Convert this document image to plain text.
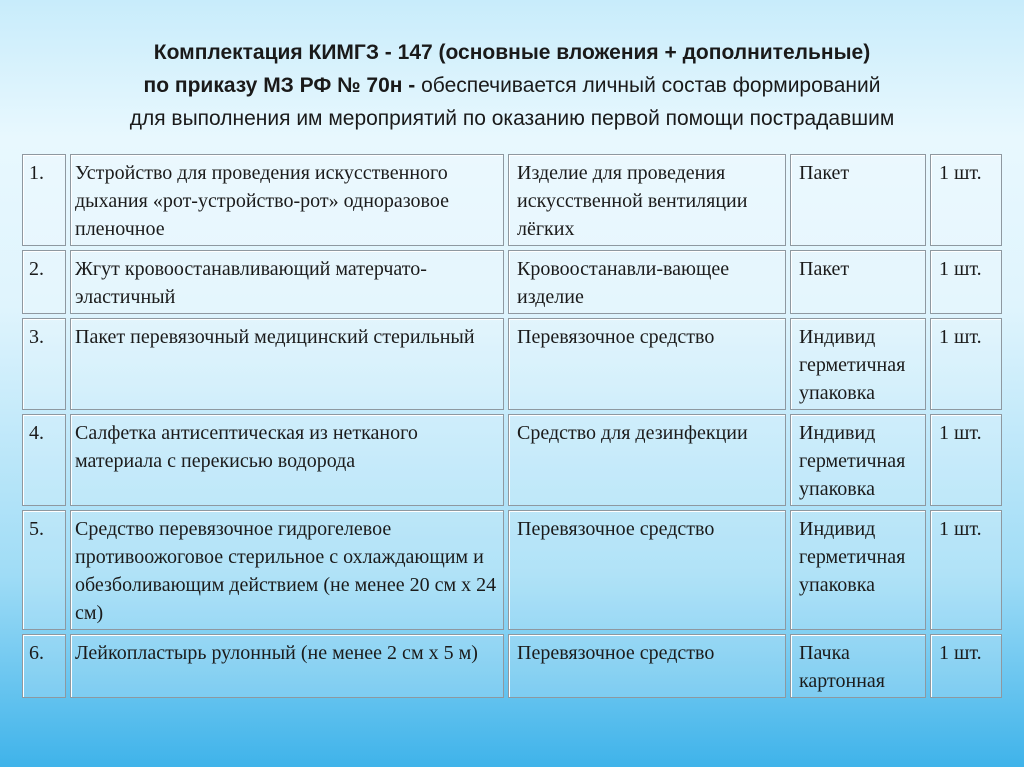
Комплектация КИМГЗ - 147 (основные вложения + дополнительные)
по приказу МЗ РФ № 70н - обеспечивается личный состав формирований
для выполнения им мероприятий по оказанию первой помощи пострадавшим
1.	Устройство для проведения искусственного дыхания «рот-устройство-рот» одноразовое пленочное	Изделие для проведения искусственной вентиляции лёгких	Пакет	1 шт.
2.	Жгут кровоостанавливающий матерчато-эластичный	Кровоостанавли-вающее изделие	Пакет	1 шт.
3.	Пакет перевязочный медицинский стерильный	Перевязочное средство	Индивид герметичная упаковка	1 шт.
4.	Салфетка антисептическая из нетканого материала с перекисью водорода	Средство для дезинфекции	Индивид герметичная упаковка	1 шт.
5.	Средство перевязочное гидрогелевое противоожоговое стерильное с охлаждающим и обезболивающим действием (не менее 20 см х 24 см)	Перевязочное средство	Индивид герметичная упаковка	1 шт.
6.	Лейкопластырь рулонный (не менее 2 см х 5 м)	Перевязочное средство	Пачка картонная	1 шт.
